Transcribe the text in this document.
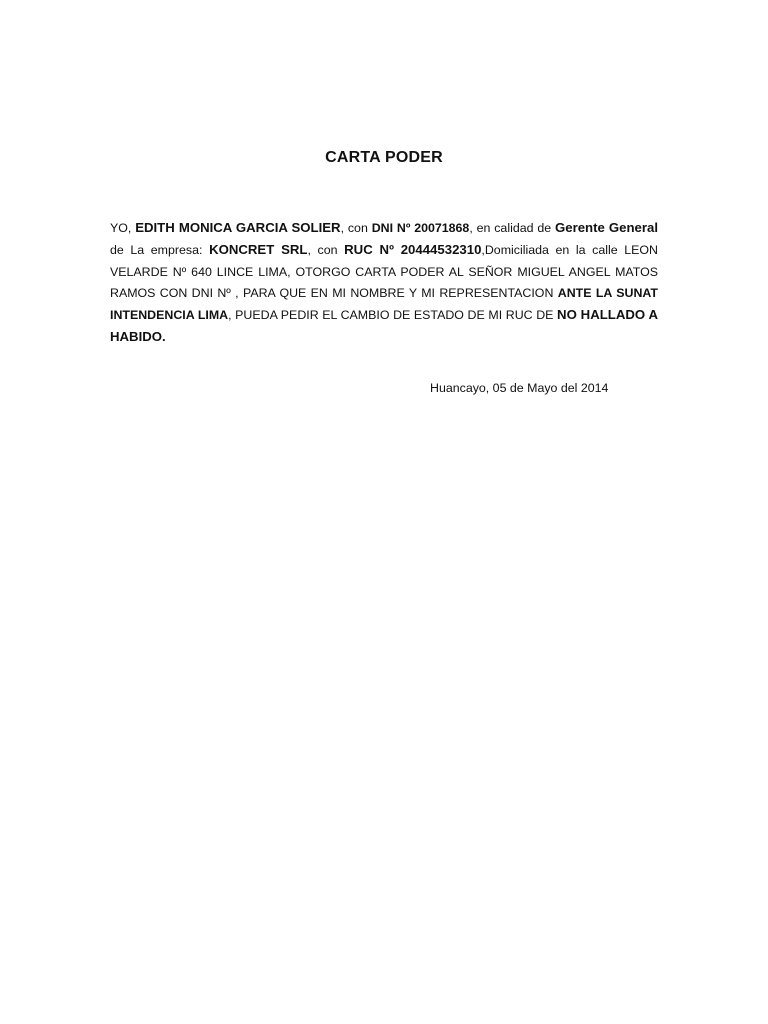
CARTA PODER

YO, EDITH MONICA GARCIA SOLIER, con DNI Nº 20071868, en calidad de Gerente General de La empresa: KONCRET SRL, con RUC Nº 20444532310,Domiciliada en la calle LEON VELARDE Nº 640 LINCE LIMA, OTORGO CARTA PODER AL SEÑOR MIGUEL ANGEL MATOS RAMOS CON DNI Nº , PARA QUE EN MI NOMBRE Y MI REPRESENTACION ANTE LA SUNAT INTENDENCIA LIMA, PUEDA PEDIR EL CAMBIO DE ESTADO DE MI RUC DE NO HALLADO A HABIDO.

Huancayo, 05 de Mayo del 2014
